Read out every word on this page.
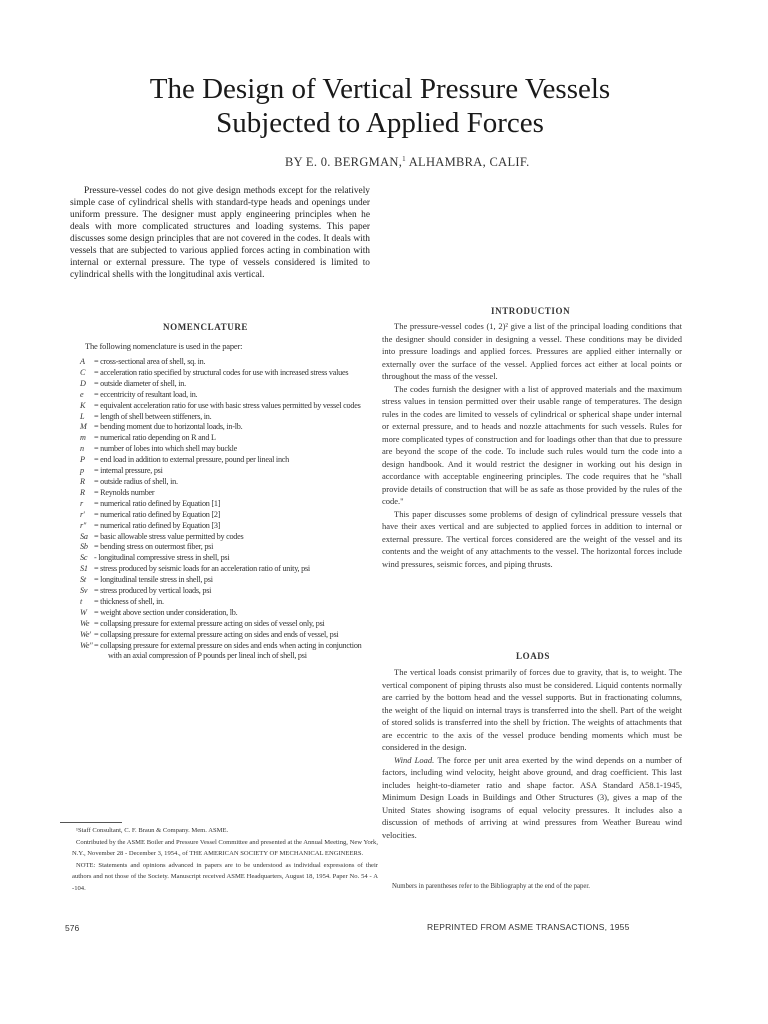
The Design of Vertical Pressure Vessels
Subjected to Applied Forces
BY E. 0. BERGMAN,$^1$ ALHAMBRA, CALIF.

Pressure-vessel codes do not give design methods except for the relatively simple case of cylindrical shells with standard-type heads and openings under uniform pressure. The designer must apply engineering principles when he deals with more complicated structures and loading systems. This paper discusses some design principles that are not covered in the codes. It deals with vessels that are subjected to various applied forces acting in combination with internal or external pressure. The type of vessels considered is limited to cylindrical shells with the longitudinal axis vertical.

NOMENCLATURE
The following nomenclature is used in the paper:
A	= cross-sectional area of shell, sq. in.
C	= acceleration ratio specified by structural codes for use with increased stress values
D	= outside diameter of shell, in.
e	= eccentricity of resultant load, in.
K	= equivalent acceleration ratio for use with basic stress values permitted by vessel codes
L	= length of shell between stiffeners, in.
M = bending moment due to horizontal loads, in-lb.
m	= numerical ratio depending on R and L
n	= number of lobes into which shell may buckle
P	= end load in addition to external pressure, pound per lineal inch
p	= internal pressure, psi
R	= outside radius of shell, in.
R	= Reynolds number
r	= numerical ratio defined by Equation [1]
r'	= numerical ratio defined by Equation [2]
r" = numerical ratio defined by Equation [3]
Sa = basic allowable stress value permitted by codes
Sb = bending stress on outermost fiber, psi
Sc - longitudinal compressive stress in shell, psi
S1 = stress produced by seismic loads for an acceleration ratio of unity, psi
St = longitudinal tensile stress in shell, psi
Sv = stress produced by vertical loads, psi
t	= thickness of shell, in.
W = weight above section under consideration, lb.
We = collapsing pressure for external pressure acting on sides of vessel only, psi
We' = collapsing pressure for external pressure acting on sides and ends of vessel, psi
We" = collapsing pressure for external pressure on sides and ends when acting in conjunction with an axial compression of P pounds per lineal inch of shell, psi
INTRODUCTION

The pressure-vessel codes (1, 2)² give a list of the principal loading conditions that the designer should consider in designing a vessel. These conditions may be divided into pressure loadings and applied forces. Pressures are applied either internally or externally over the surface of the vessel. Applied forces act either at local points or throughout the mass of the vessel.

The codes furnish the designer with a list of approved materials and the maximum stress values in tension permitted over their usable range of temperatures. The design rules in the codes are limited to vessels of cylindrical or spherical shape under internal or external pressure, and to heads and nozzle attachments for such vessels. Rules for more complicated types of construction and for loadings other than that due to pressure are beyond the scope of the code. To include such rules would turn the code into a design handbook. And it would restrict the designer in working out his design in accordance with acceptable engineering principles. The code requires that he "shall provide details of construction that will be as safe as those provided by the rules of the code."

This paper discusses some problems of design of cylindrical pressure vessels that have their axes vertical and are subjected to applied forces in addition to internal or external pressure. The vertical forces considered are the weight of the vessel and its contents and the weight of any attachments to the vessel. The horizontal forces include wind pressures, seismic forces, and piping thrusts.

LOADS

The vertical loads consist primarily of forces due to gravity, that is, to weight. The vertical component of piping thrusts also must be considered. Liquid contents normally are carried by the bottom head and the vessel supports. But in fractionating columns, the weight of the liquid on internal trays is transferred into the shell. Part of the weight of stored solids is transferred into the shell by friction. The weights of attachments that are eccentric to the axis of the vessel produce bending moments which must be considered in the design.

Wind Load. The force per unit area exerted by the wind depends on a number of factors, including wind velocity, height above ground, and drag coefficient. This last includes height-to-diameter ratio and shape factor. ASA Standard A58.1-1945, Minimum Design Loads in Buildings and Other Structures (3), gives a map of the United States showing isograms of equal velocity pressures. It includes also a discussion of methods of arriving at wind pressures from Weather Bureau wind velocities.

¹Staff Consultant, C. F. Braun & Company. Mem. ASME.

Contributed by the ASME Boiler and Pressure Vessel Committee and presented at the Annual Meeting, New York, N.Y., November 28 - December 3, 1954., of THE AMERICAN SOCIETY OF MECHANICAL ENGINEERS.

NOTE: Statements and opinions advanced in papers are to be understood as individual expressions of their authors and not those of the Society. Manuscript received ASME Headquarters, August 18, 1954. Paper No. 54 - A -104.	Numbers in parentheses refer to the Bibliography at the end of the paper.
576	REPRINTED FROM ASME TRANSACTIONS, 1955
